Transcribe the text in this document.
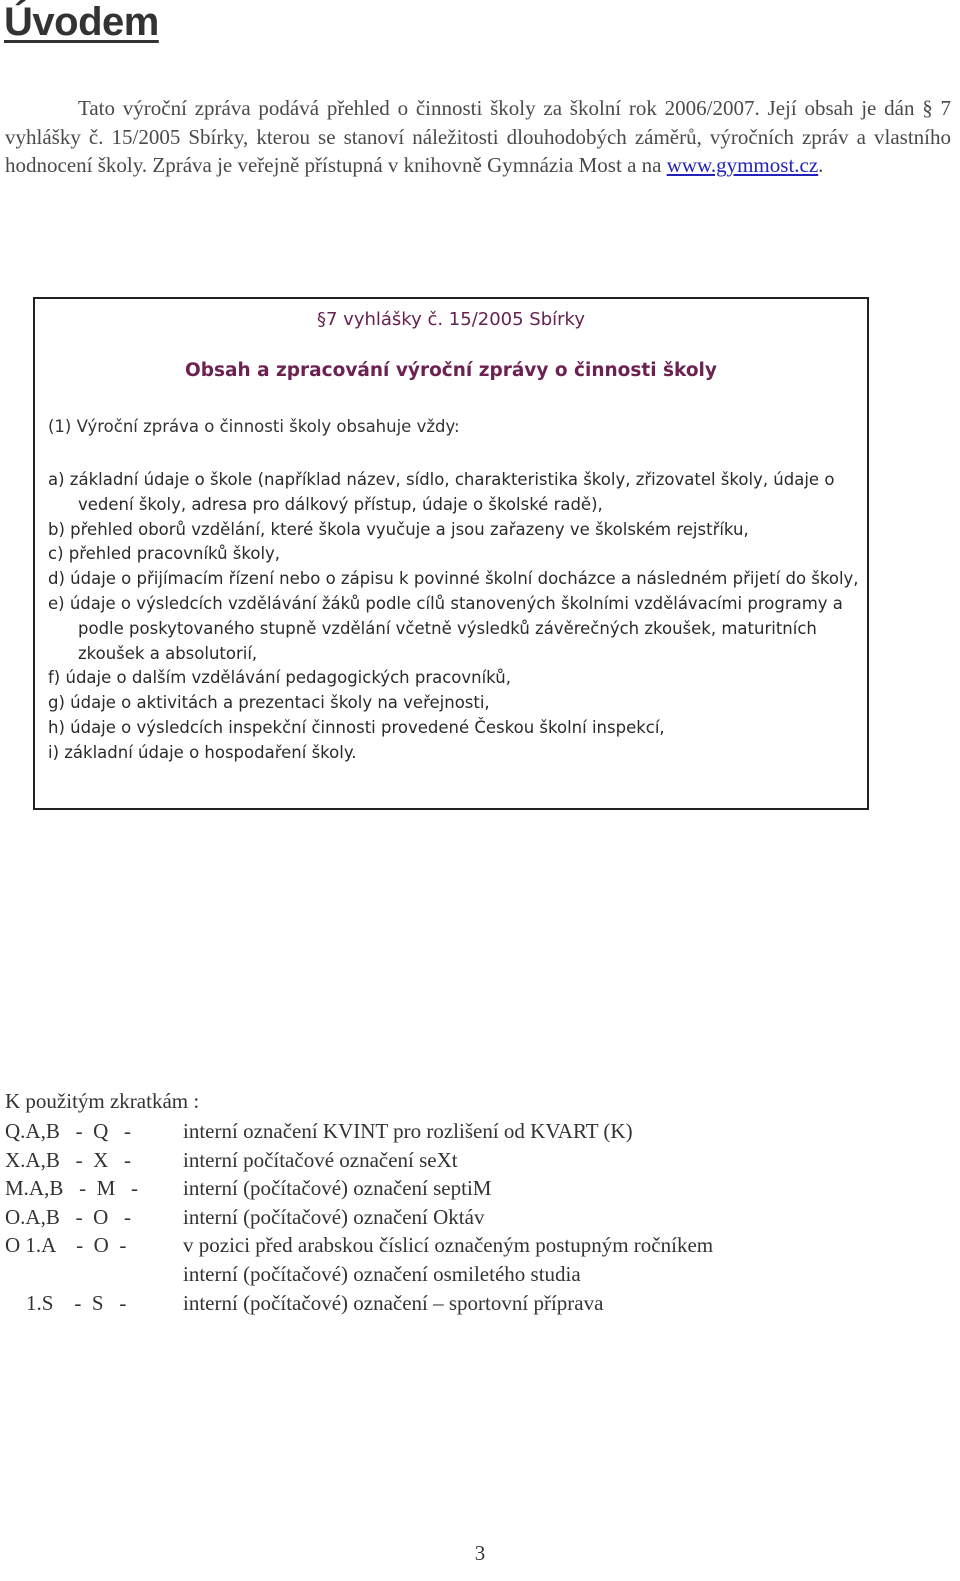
Úvodem
Tato výroční zpráva podává přehled o činnosti školy za školní rok 2006/2007. Její obsah je dán § 7 vyhlášky č. 15/2005 Sbírky, kterou se stanoví náležitosti dlouhodobých záměrů, výročních zpráv a vlastního hodnocení školy. Zpráva je veřejně přístupná v knihovně Gymnázia Most a na www.gymmost.cz.
§7 vyhlášky č. 15/2005 Sbírky
Obsah a zpracování výroční zprávy o činnosti školy
(1) Výroční zpráva o činnosti školy obsahuje vždy:
a) základní údaje o škole (například název, sídlo, charakteristika školy, zřizovatel školy, údaje o vedení školy, adresa pro dálkový přístup, údaje o školské radě),
b) přehled oborů vzdělání, které škola vyučuje a jsou zařazeny ve školském rejstříku,
c) přehled pracovníků školy,
d) údaje o přijímacím řízení nebo o zápisu k povinné školní docházce a následném přijetí do školy,
e) údaje o výsledcích vzdělávání žáků podle cílů stanovených školními vzdělávacími programy a podle poskytovaného stupně vzdělání včetně výsledků závěrečných zkoušek, maturitních zkoušek a absolutorií,
f) údaje o dalším vzdělávání pedagogických pracovníků,
g) údaje o aktivitách a prezentaci školy na veřejnosti,
h) údaje o výsledcích inspekční činnosti provedené Českou školní inspekcí,
i) základní údaje o hospodaření školy.
K použitým zkratkám :
Q.A,B   -  Q   - interní označení KVINT pro rozlišení od KVART (K)
X.A,B   -  X   - interní počítačové označení seXt
M.A,B   -  M   - interní (počítačové) označení septiM
O.A,B   -  O   - interní (počítačové) označení Oktáv
O 1.A    -  O  -	v pozici před arabskou číslicí označeným postupným ročníkem
interní (počítačové) označení osmiletého studia
1.S    -  S   -	interní (počítačové) označení – sportovní příprava
3
